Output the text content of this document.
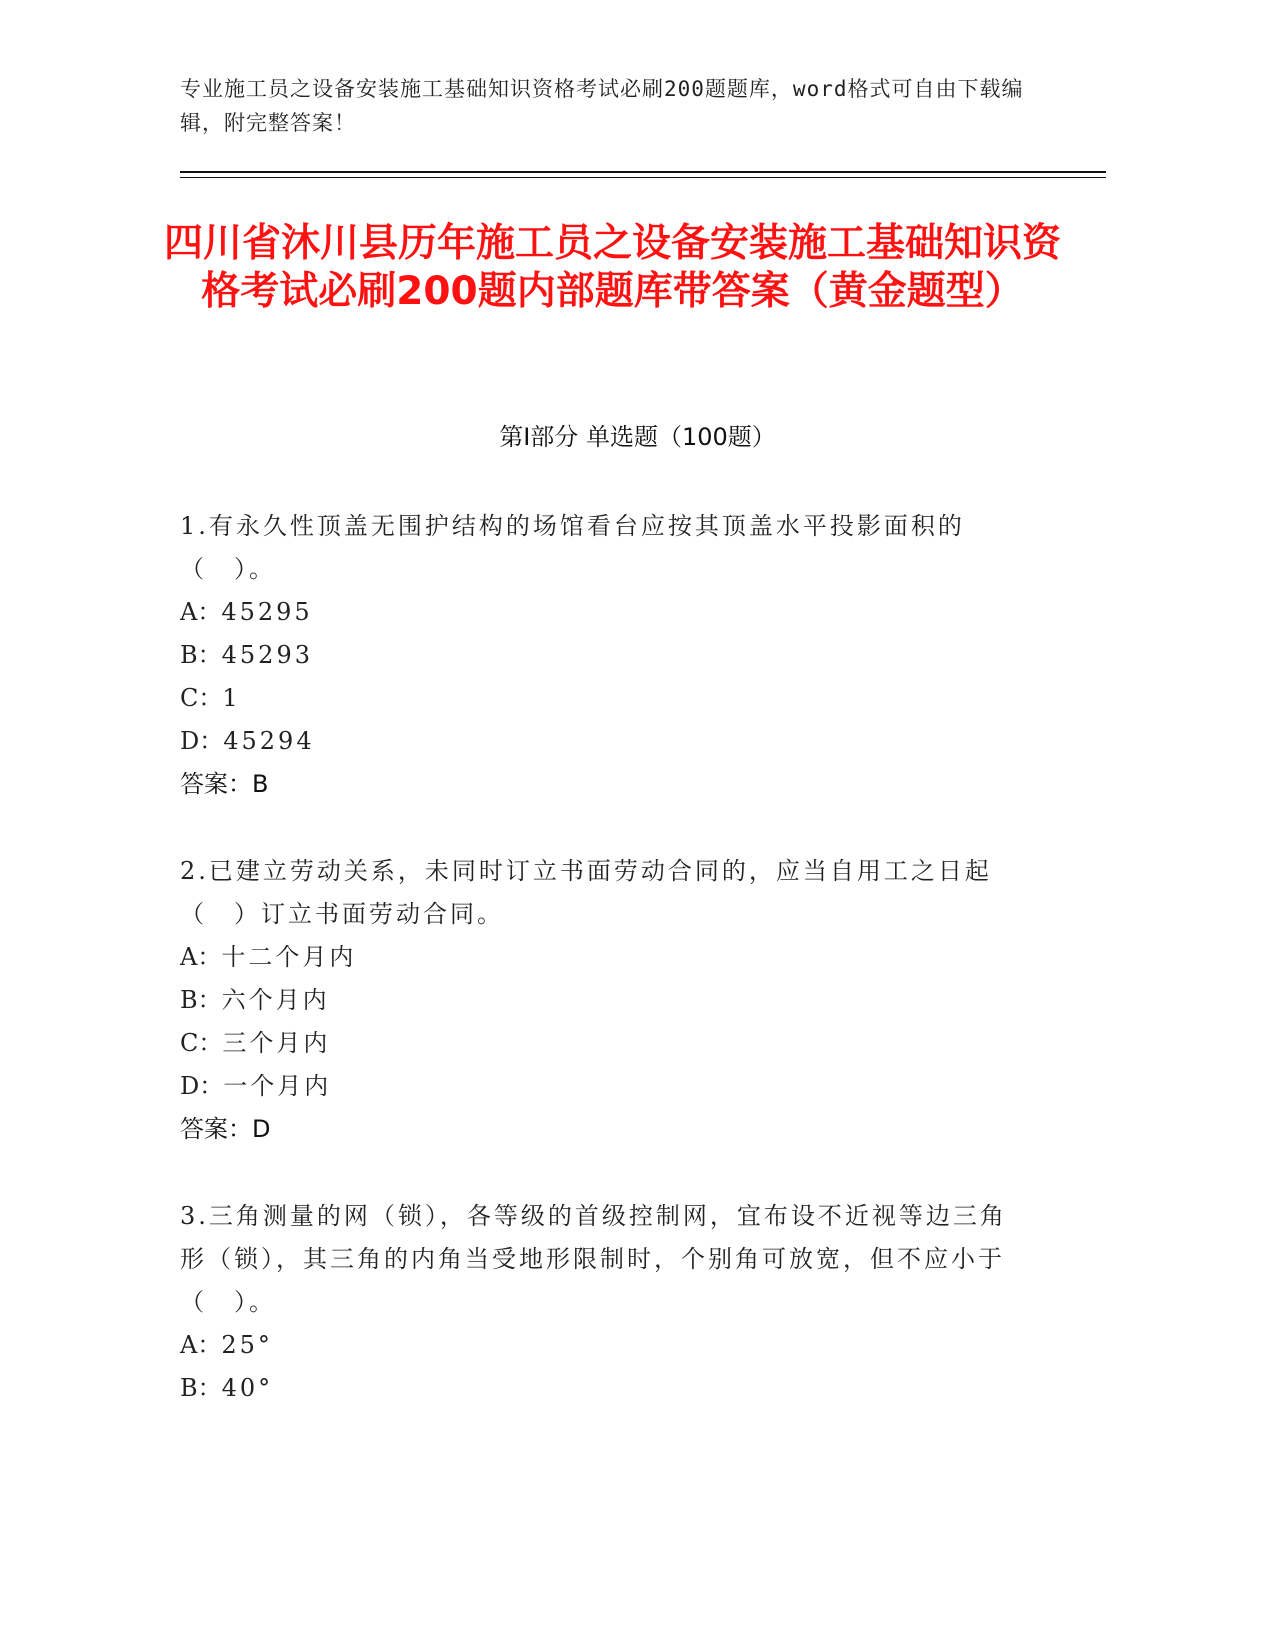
专业施工员之设备安装施工基础知识资格考试必刷200题题库，word格式可自由下载编辑，附完整答案！
四川省沐川县历年施工员之设备安装施工基础知识资格考试必刷200题内部题库带答案（黄金题型）
第Ⅰ部分 单选题（100题）
1.有永久性顶盖无围护结构的场馆看台应按其顶盖水平投影面积的（　）。
A：45295
B：45293
C：1
D：45294
答案：B
2.已建立劳动关系，未同时订立书面劳动合同的，应当自用工之日起（　）订立书面劳动合同。
A：十二个月内
B：六个月内
C：三个月内
D：一个月内
答案：D
3.三角测量的网（锁），各等级的首级控制网，宜布设不近视等边三角形（锁），其三角的内角当受地形限制时，个别角可放宽，但不应小于（　）。
A：25°
B：40°
